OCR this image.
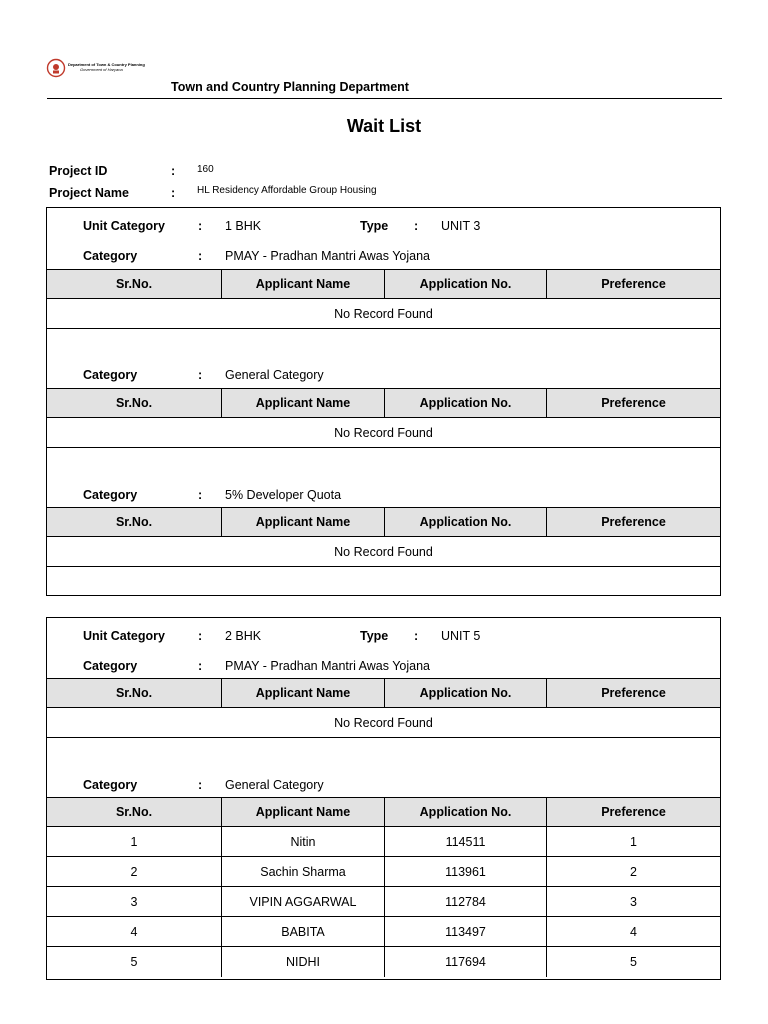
Department of Town & Country Planning
Government of Haryana
Town and Country Planning Department
Wait List
Project ID	: 160
Project Name	: HL Residency Affordable Group Housing
Unit Category	: 1 BHK	Type : UNIT 3
Category	: PMAY - Pradhan Mantri Awas Yojana
Sr.No.	Applicant Name	Application No.	Preference
No Record Found
Category	: General Category
Sr.No.	Applicant Name	Application No.	Preference
No Record Found
Category	: 5% Developer Quota
Sr.No.	Applicant Name	Application No.	Preference
No Record Found
Unit Category	: 2 BHK	Type : UNIT 5
Category	: PMAY - Pradhan Mantri Awas Yojana
Sr.No.	Applicant Name	Application No.	Preference
No Record Found
Category	: General Category
Sr.No.	Applicant Name	Application No.	Preference
1	Nitin	114511	1
2	Sachin Sharma	113961	2
3	VIPIN AGGARWAL	112784	3
4	BABITA	113497	4
5	NIDHI	117694	5
